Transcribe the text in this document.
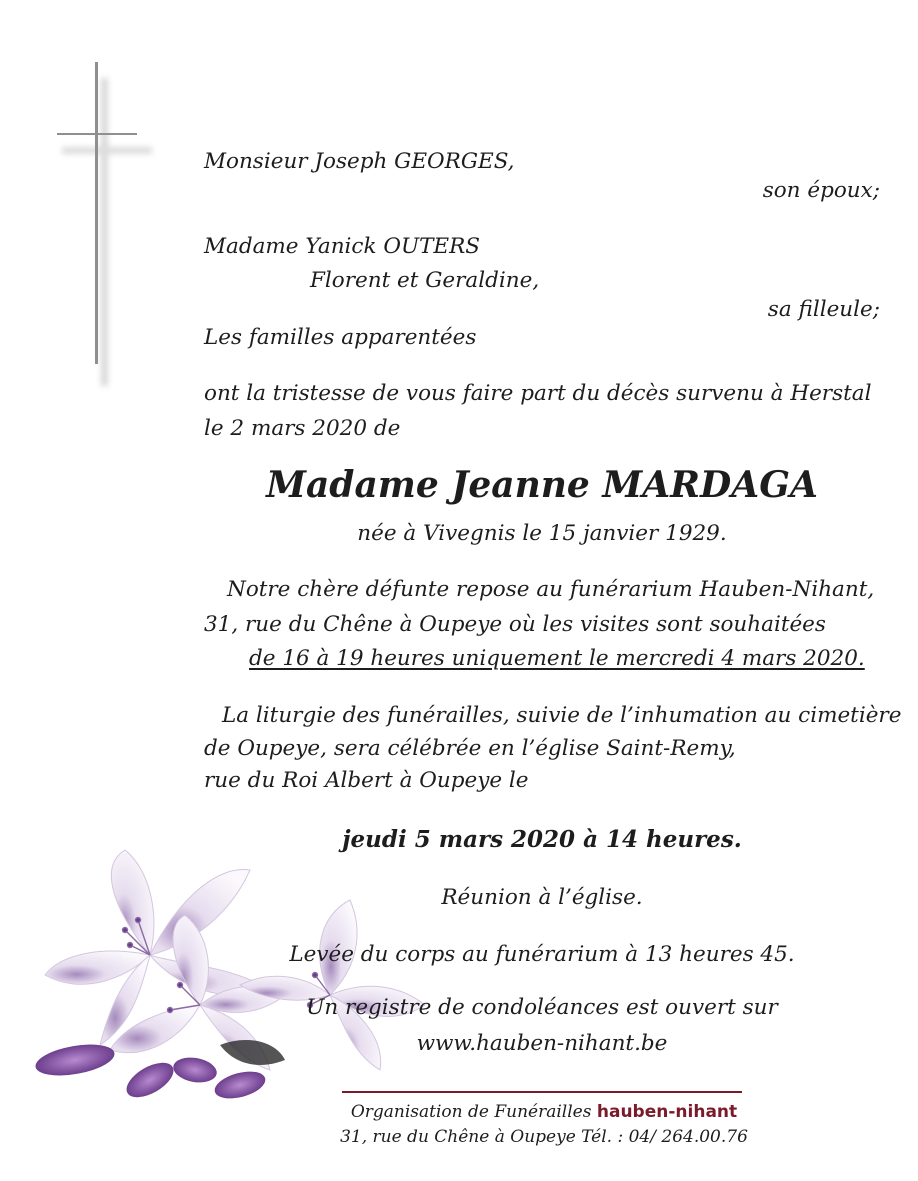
Monsieur Joseph GEORGES,

son époux;

Madame Yanick OUTERS

Florent et Geraldine,

sa filleule;

Les familles apparentées

ont la tristesse de vous faire part du décès survenu à Herstal

le 2 mars 2020 de

Madame Jeanne MARDAGA

née à Vivegnis le 15 janvier 1929.

Notre chère défunte repose au funérarium Hauben-Nihant,

31, rue du Chêne à Oupeye où les visites sont souhaitées

de 16 à 19 heures uniquement le mercredi 4 mars 2020.

La liturgie des funérailles, suivie de l’inhumation au cimetière

de Oupeye, sera célébrée en l’église Saint-Remy,

rue du Roi Albert à Oupeye le

jeudi 5 mars 2020 à 14 heures.

Réunion à l’église.

Levée du corps au funérarium à 13 heures 45.

Un registre de condoléances est ouvert sur

www.hauben-nihant.be

Organisation de Funérailles hauben-nihant

31, rue du Chêne à Oupeye Tél. : 04/ 264.00.76
